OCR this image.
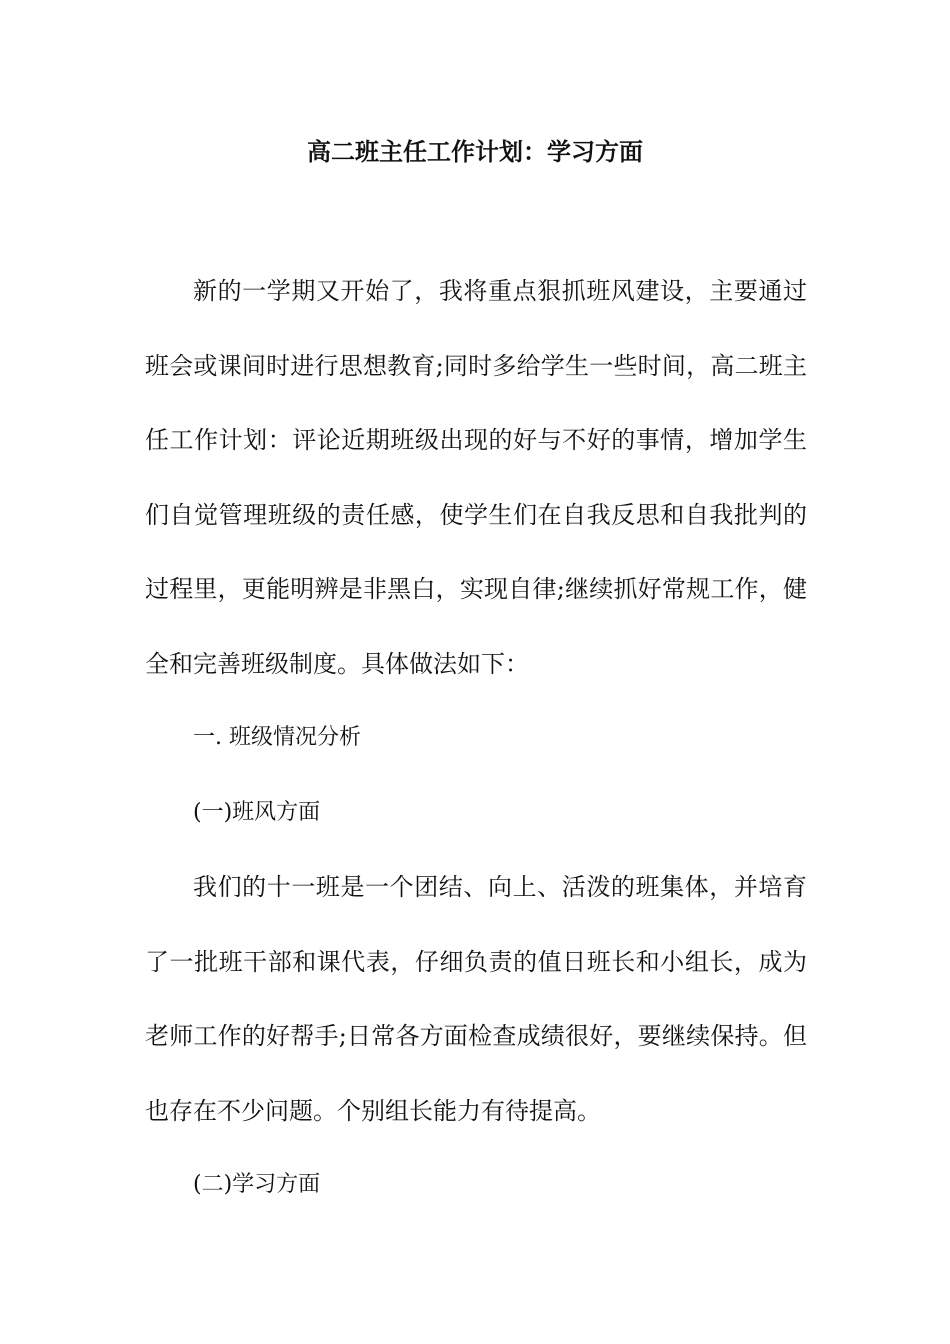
高二班主任工作计划：学习方面

新的一学期又开始了，我将重点狠抓班风建设，主要通过班会或课间时进行思想教育;同时多给学生一些时间，高二班主任工作计划：评论近期班级出现的好与不好的事情，增加学生们自觉管理班级的责任感，使学生们在自我反思和自我批判的过程里，更能明辨是非黑白，实现自律;继续抓好常规工作，健全和完善班级制度。具体做法如下：

一. 班级情况分析

(一)班风方面

我们的十一班是一个团结、向上、活泼的班集体，并培育了一批班干部和课代表，仔细负责的值日班长和小组长，成为老师工作的好帮手;日常各方面检查成绩很好，要继续保持。但也存在不少问题。个别组长能力有待提高。

(二)学习方面
